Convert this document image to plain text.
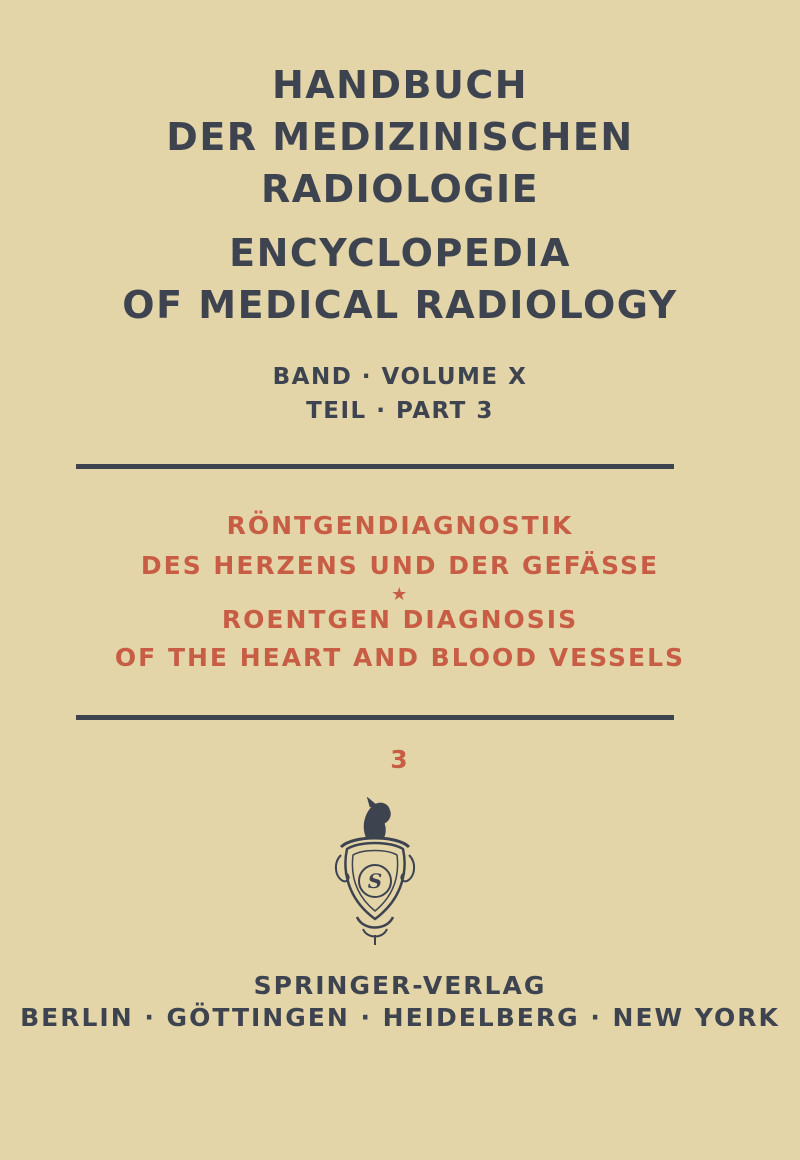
HANDBUCH
DER MEDIZINISCHEN
RADIOLOGIE
ENCYCLOPEDIA
OF MEDICAL RADIOLOGY
BAND · VOLUME X
TEIL · PART 3
RÖNTGENDIAGNOSTIK
DES HERZENS UND DER GEFÄSSE
★
ROENTGEN DIAGNOSIS
OF THE HEART AND BLOOD VESSELS
3
S
SPRINGER-VERLAG
BERLIN · GÖTTINGEN · HEIDELBERG · NEW YORK
